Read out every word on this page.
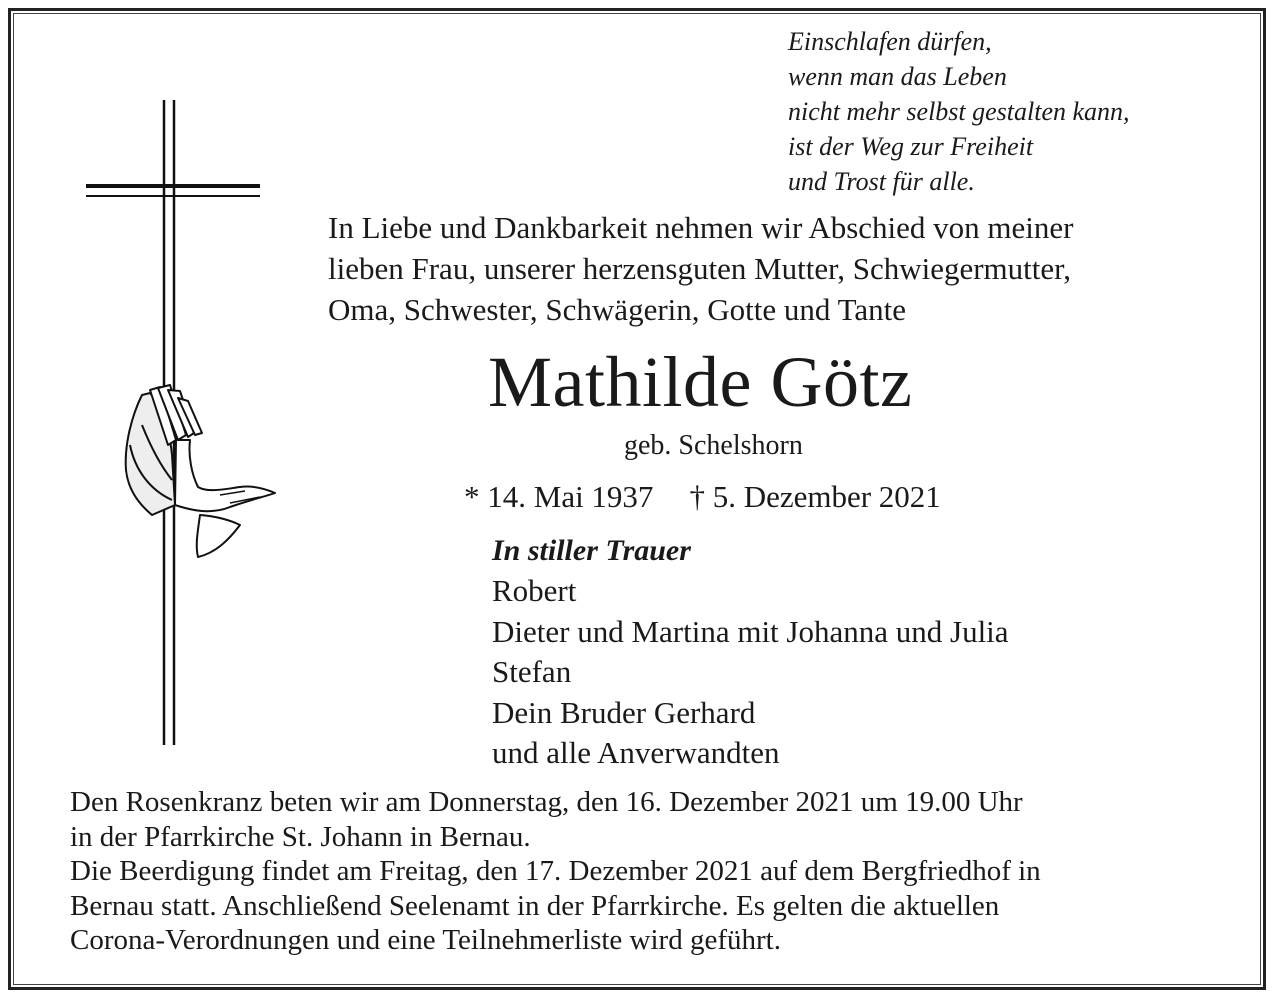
Einschlafen dürfen,
wenn man das Leben
nicht mehr selbst gestalten kann,
ist der Weg zur Freiheit
und Trost für alle.
In Liebe und Dankbarkeit nehmen wir Abschied von meiner
lieben Frau, unserer herzensguten Mutter, Schwiegermutter,
Oma, Schwester, Schwägerin, Gotte und Tante
Mathilde Götz
geb. Schelshorn
* 14. Mai 1937 † 5. Dezember 2021
In stiller Trauer
Robert
Dieter und Martina mit Johanna und Julia
Stefan
Dein Bruder Gerhard
und alle Anverwandten
Den Rosenkranz beten wir am Donnerstag, den 16. Dezember 2021 um 19.00 Uhr
in der Pfarrkirche St. Johann in Bernau.
Die Beerdigung findet am Freitag, den 17. Dezember 2021 auf dem Bergfriedhof in
Bernau statt. Anschließend Seelenamt in der Pfarrkirche. Es gelten die aktuellen
Corona-Verordnungen und eine Teilnehmerliste wird geführt.
